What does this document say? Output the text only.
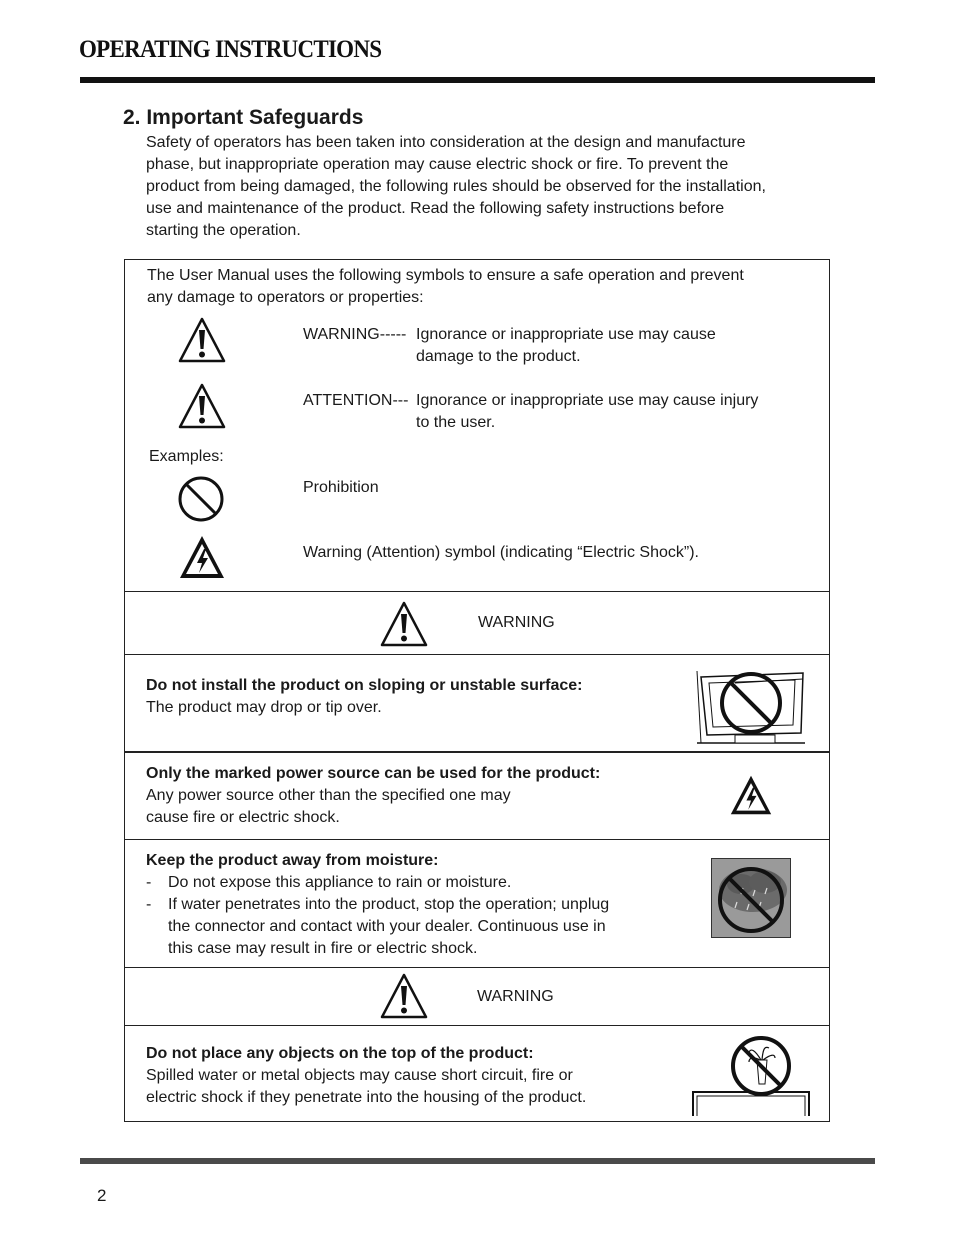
OPERATING INSTRUCTIONS
2. Important Safeguards
Safety of operators has been taken into consideration at the design and manufacture
phase, but inappropriate operation may cause electric shock or fire. To prevent the
product from being damaged, the following rules should be observed for the installation,
use and maintenance of the product. Read the following safety instructions before
starting the operation.
The User Manual uses the following symbols to ensure a safe operation and prevent
any damage to operators or properties:
WARNING----- Ignorance or inappropriate use may cause
damage to the product.
ATTENTION--- Ignorance or inappropriate use may cause injury
to the user.
Examples:
Prohibition
Warning (Attention) symbol (indicating “Electric Shock”).
WARNING
Do not install the product on sloping or unstable surface:
The product may drop or tip over.
Only the marked power source can be used for the product:
Any power source other than the specified one may
cause fire or electric shock.
Keep the product away from moisture:
- Do not expose this appliance to rain or moisture.
- If water penetrates into the product, stop the operation; unplug
the connector and contact with your dealer. Continuous use in
this case may result in fire or electric shock.
WARNING
Do not place any objects on the top of the product:
Spilled water or metal objects may cause short circuit, fire or
electric shock if they penetrate into the housing of the product.
2
